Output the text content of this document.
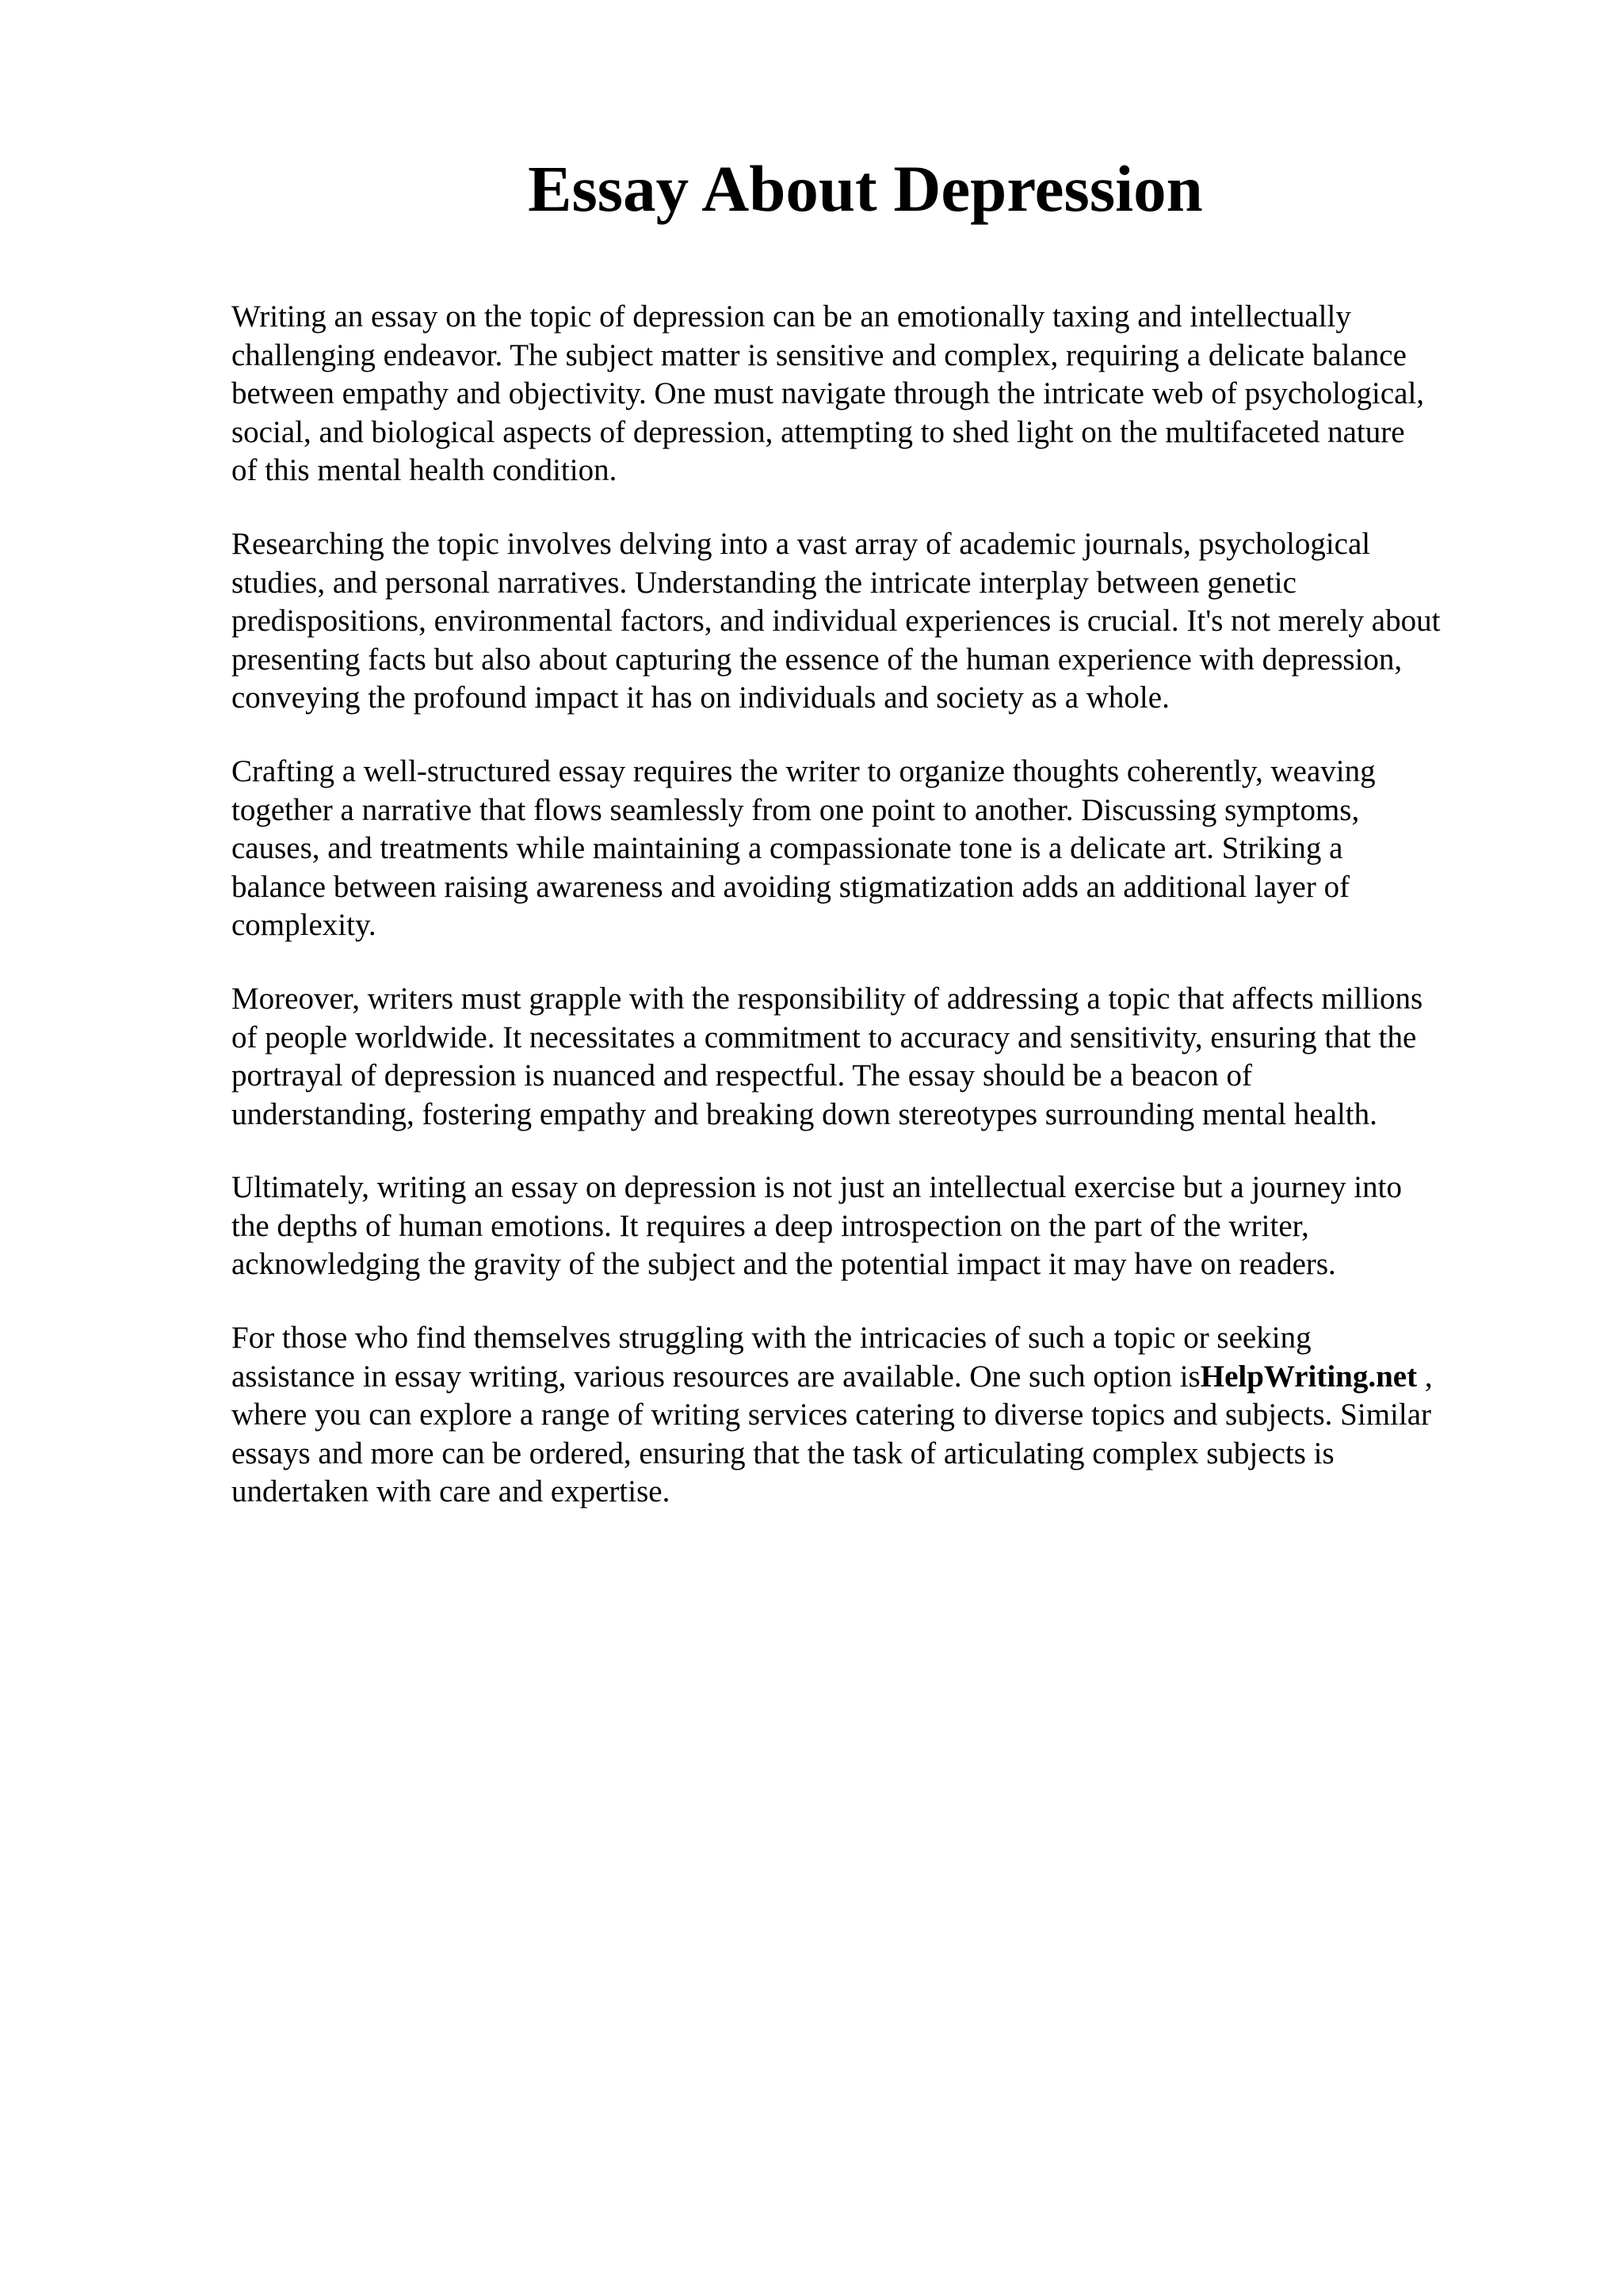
Essay About Depression

Writing an essay on the topic of depression can be an emotionally taxing and intellectually
challenging endeavor. The subject matter is sensitive and complex, requiring a delicate balance
between empathy and objectivity. One must navigate through the intricate web of psychological,
social, and biological aspects of depression, attempting to shed light on the multifaceted nature
of this mental health condition.

Researching the topic involves delving into a vast array of academic journals, psychological
studies, and personal narratives. Understanding the intricate interplay between genetic
predispositions, environmental factors, and individual experiences is crucial. It's not merely about
presenting facts but also about capturing the essence of the human experience with depression,
conveying the profound impact it has on individuals and society as a whole.

Crafting a well-structured essay requires the writer to organize thoughts coherently, weaving
together a narrative that flows seamlessly from one point to another. Discussing symptoms,
causes, and treatments while maintaining a compassionate tone is a delicate art. Striking a
balance between raising awareness and avoiding stigmatization adds an additional layer of
complexity.

Moreover, writers must grapple with the responsibility of addressing a topic that affects millions
of people worldwide. It necessitates a commitment to accuracy and sensitivity, ensuring that the
portrayal of depression is nuanced and respectful. The essay should be a beacon of
understanding, fostering empathy and breaking down stereotypes surrounding mental health.

Ultimately, writing an essay on depression is not just an intellectual exercise but a journey into
the depths of human emotions. It requires a deep introspection on the part of the writer,
acknowledging the gravity of the subject and the potential impact it may have on readers.

For those who find themselves struggling with the intricacies of such a topic or seeking
assistance in essay writing, various resources are available. One such option isHelpWriting.net ,
where you can explore a range of writing services catering to diverse topics and subjects. Similar
essays and more can be ordered, ensuring that the task of articulating complex subjects is
undertaken with care and expertise.
